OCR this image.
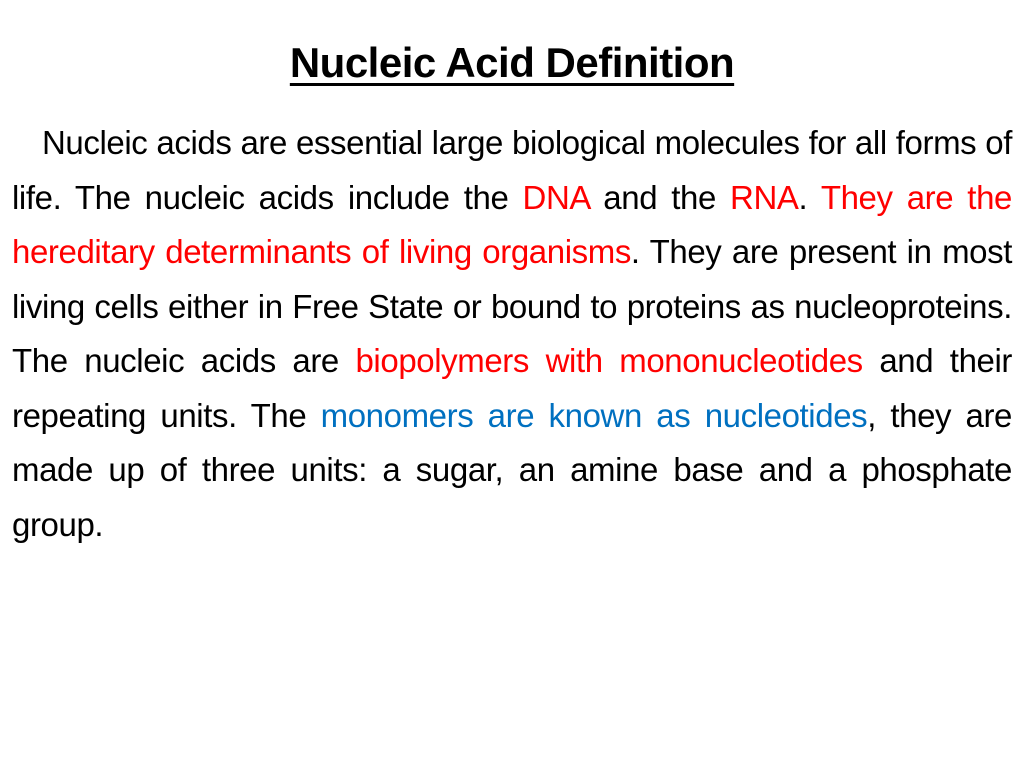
Nucleic Acid Definition

Nucleic acids are essential large biological molecules for all forms of life. The nucleic acids include the DNA and the RNA. They are the hereditary determinants of living organisms. They are present in most living cells either in Free State or bound to proteins as nucleoproteins. The nucleic acids are biopolymers with mononucleotides and their repeating units. The monomers are known as nucleotides, they are made up of three units: a sugar, an amine base and a phosphate group.
